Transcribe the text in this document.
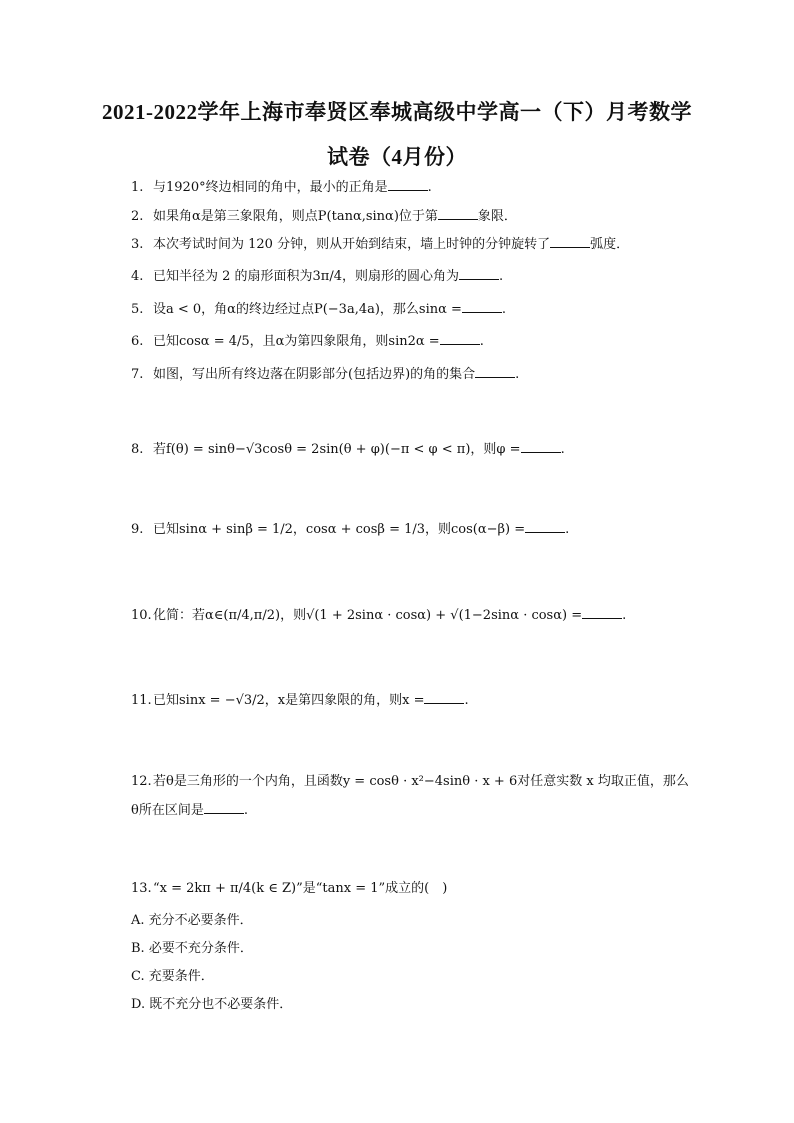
2021-2022学年上海市奉贤区奉城高级中学高一（下）月考数学
试卷（4月份）
1. 与1920°终边相同的角中，最小的正角是	.
2. 如果角α是第三象限角，则点P(tanα,sinα)位于第	象限．
3. 本次考试时间为 120 分钟，则从开始到结束，墙上时钟的分钟旋转了	弧度．
4. 已知半径为 2 的扇形面积为3π/4，则扇形的圆心角为	.
5. 设a < 0，角α的终边经过点P(−3a,4a)，那么sinα =	.
6. 已知cosα = 4/5，且α为第四象限角，则sin2α =	.
7. 如图，写出所有终边落在阴影部分(包括边界)的角的集合	.
8. 若f(θ) = sinθ−√3cosθ = 2sin(θ + φ)(−π < φ < π)，则φ =	.
9. 已知sinα + sinβ = 1/2，cosα + cosβ = 1/3，则cos(α−β) =	.
10.化简：若α∈(π/4,π/2)，则√(1 + 2sinα · cosα) + √(1−2sinα · cosα) =	.
11.已知sinx = −√3/2，x是第四象限的角，则x =	.
12.若θ是三角形的一个内角，且函数y = cosθ · x²−4sinθ · x + 6对任意实数 x 均取正值，那么
θ所在区间是	.
13.“x = 2kπ + π/4(k ∈ Z)”是“tanx = 1”成立的(　)
A. 充分不必要条件．
B. 必要不充分条件．
C. 充要条件．
D. 既不充分也不必要条件．
